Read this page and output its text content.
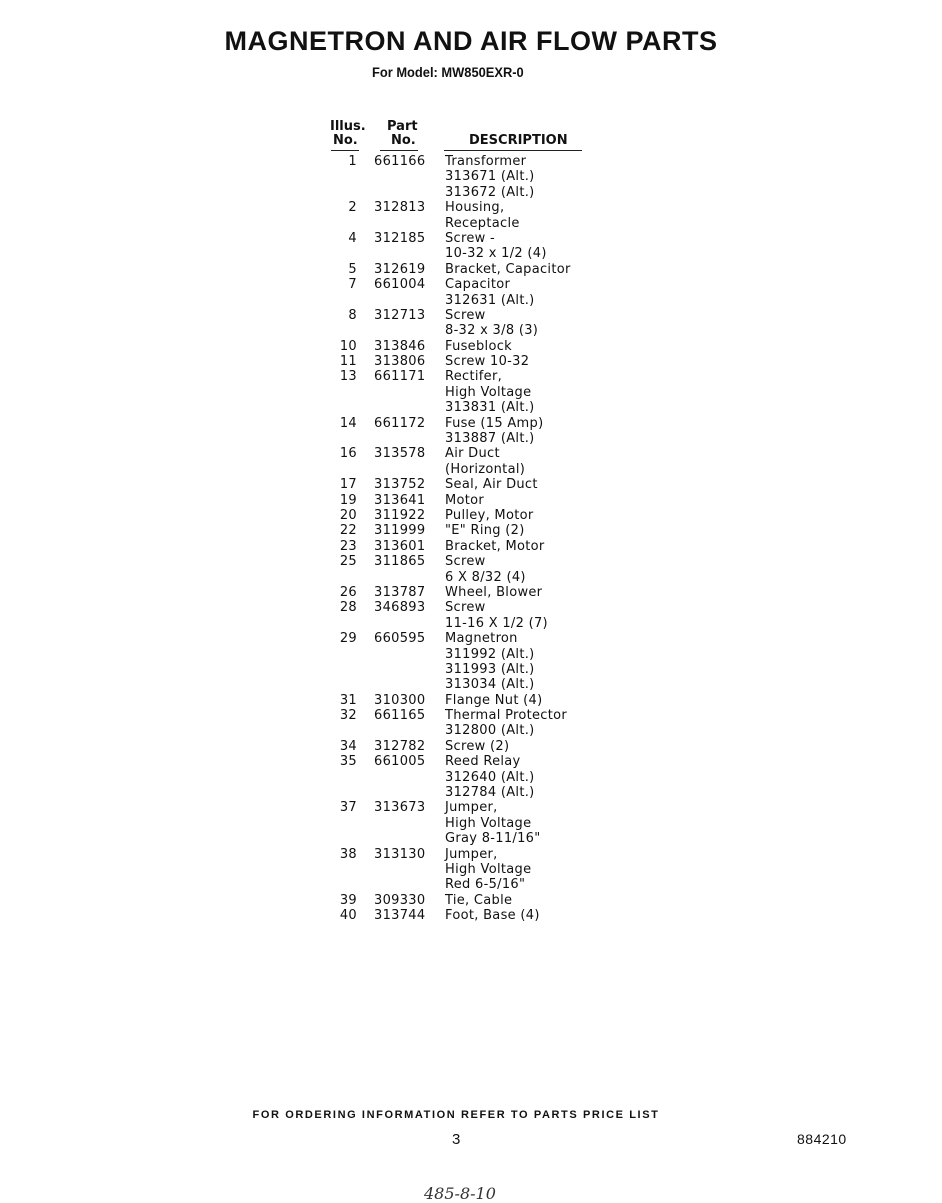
MAGNETRON AND AIR FLOW PARTS
For Model: MW850EXR-0
Illus.
No.
Part
No.	DESCRIPTION
1 661166 Transformer
313671 (Alt.)
313672 (Alt.)
2 312813 Housing,
Receptacle
4 312185 Screw -
10-32 x 1/2 (4)
5 312619 Bracket, Capacitor
7 661004 Capacitor
312631 (Alt.)
8 312713 Screw
8-32 x 3/8 (3)
10 313846 Fuseblock
11 313806 Screw 10-32
13 661171 Rectifer,
High Voltage
313831 (Alt.)
14 661172 Fuse (15 Amp)
313887 (Alt.)
16 313578 Air Duct
(Horizontal)
17 313752 Seal, Air Duct
19 313641 Motor
20 311922 Pulley, Motor
22 311999 "E" Ring (2)
23 313601 Bracket, Motor
25 311865 Screw
6 X 8/32 (4)
26 313787 Wheel, Blower
28 346893 Screw
11-16 X 1/2 (7)
29 660595 Magnetron
311992 (Alt.)
311993 (Alt.)
313034 (Alt.)
31 310300 Flange Nut (4)
32 661165 Thermal Protector
312800 (Alt.)
34 312782 Screw (2)
35 661005 Reed Relay
312640 (Alt.)
312784 (Alt.)
37 313673 Jumper,
High Voltage
Gray 8-11/16"
38 313130 Jumper,
High Voltage
Red 6-5/16"
39 309330 Tie, Cable
40 313744 Foot, Base (4)
FOR ORDERING INFORMATION REFER TO PARTS PRICE LIST
3	884210
485-8-10
